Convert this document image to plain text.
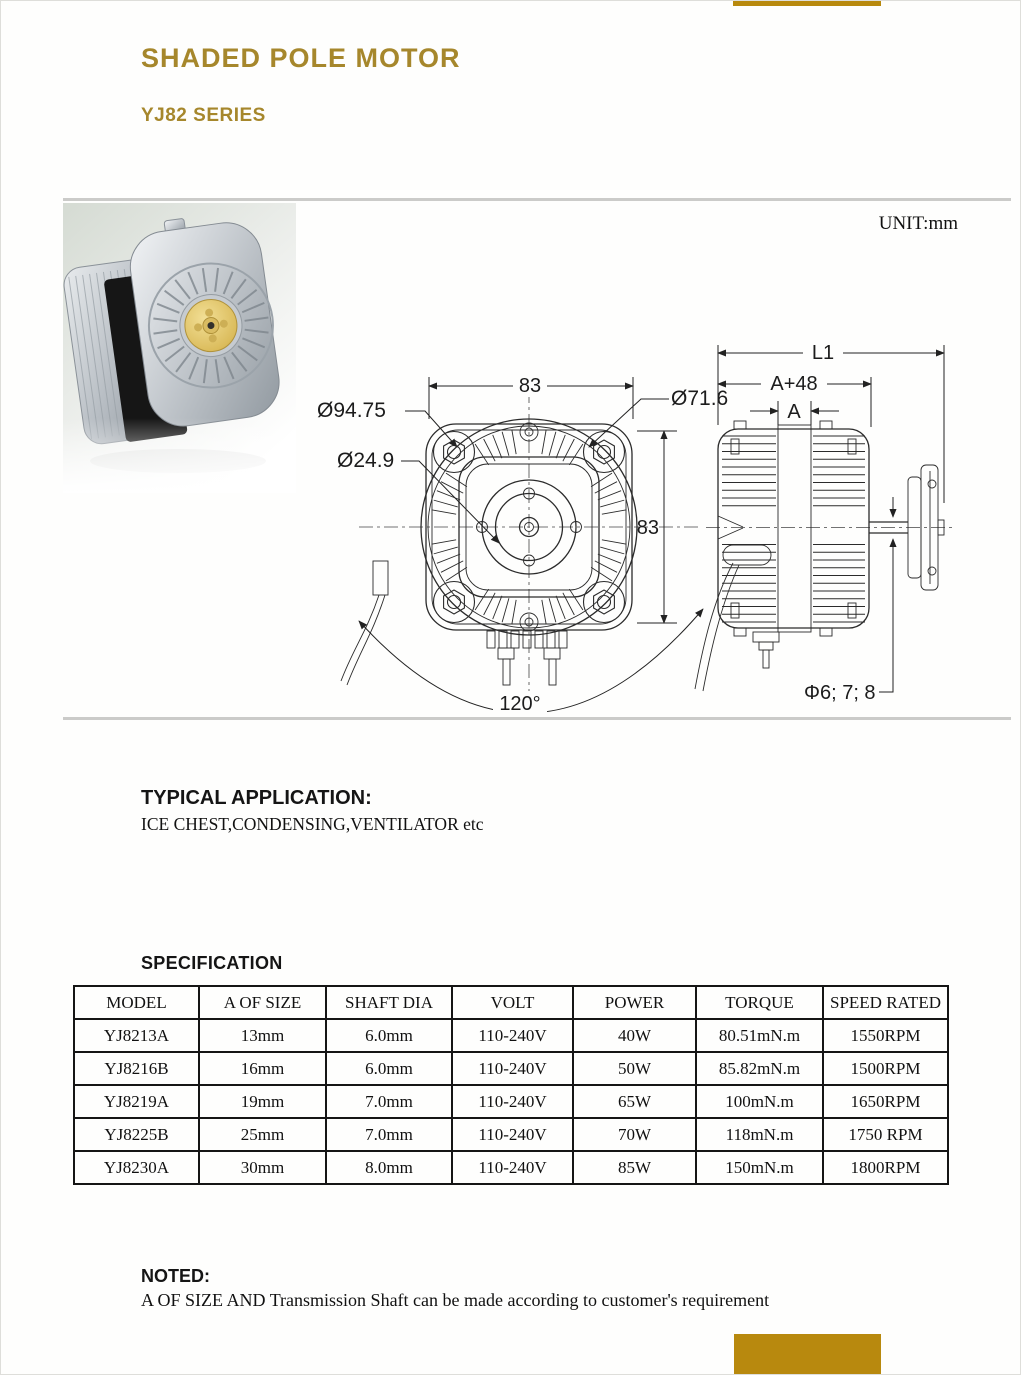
SHADED POLE MOTOR
YJ82 SERIES
UNIT:mm
83
83
Ø94.75
Ø24.9
Ø71.6
120°
L1
A+48
A
Φ6; 7; 8
TYPICAL APPLICATION:

ICE CHEST,CONDENSING,VENTILATOR etc

SPECIFICATION
MODEL	A OF SIZE	SHAFT DIA	VOLT	POWER	TORQUE	SPEED RATED
YJ8213A	13mm	6.0mm	110-240V	40W	80.51mN.m	1550RPM
YJ8216B	16mm	6.0mm	110-240V	50W	85.82mN.m	1500RPM
YJ8219A	19mm	7.0mm	110-240V	65W	100mN.m	1650RPM
YJ8225B	25mm	7.0mm	110-240V	70W	118mN.m	1750 RPM
YJ8230A	30mm	8.0mm	110-240V	85W	150mN.m	1800RPM
NOTED:

A OF SIZE AND Transmission Shaft can be made according to customer's requirement
